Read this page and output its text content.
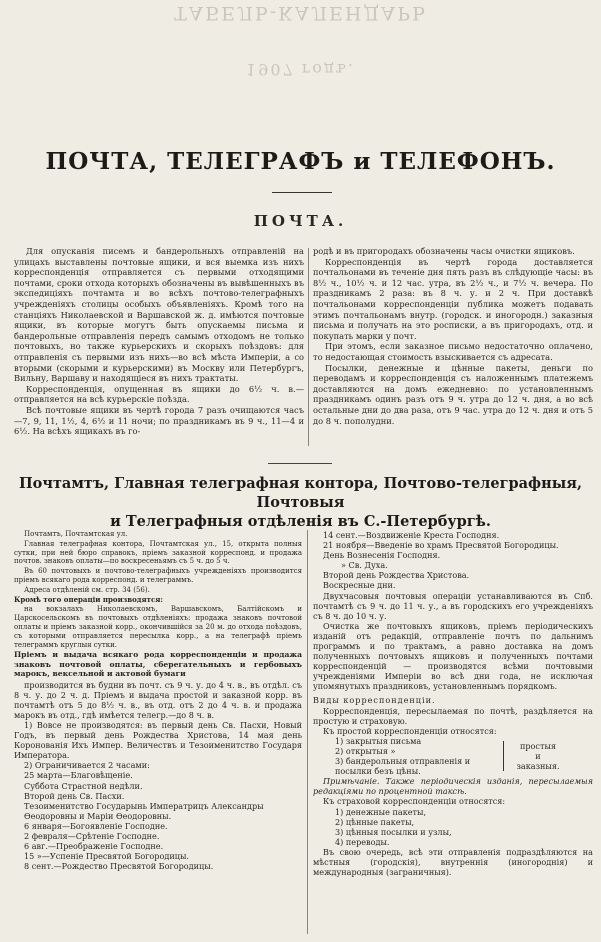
ТАБЕЛЬ-КАЛЕНДАРЬ
1907 годъ.
ПОЧТА, ТЕЛЕГРАФЪ и ТЕЛЕФОНЪ.
ПОЧТА.

Для опусканія писемъ и бандерольныхъ отправленій на улицахъ выставлены почтовые ящики, и вся выемка изъ нихъ корреспонденція отправляется съ первыми отходящими почтами, сроки отхода которыхъ обозначены въ вывѣшенныхъ въ экспедиціяхъ почтамта и во всѣхъ почтово-телеграфныхъ учрежденіяхъ столицы особыхъ объявленіяхъ. Кромѣ того на станціяхъ Николаевской и Варшавской ж. д. имѣются почтовые ящики, въ которые могутъ быть опускаемы письма и бандерольные отправленія передъ самымъ отходомъ не только почтовыхъ, но также курьерскихъ и скорыхъ поѣздовъ: для отправленія съ первыми изъ нихъ—во всѣ мѣста Имперіи, а со вторыми (скорыми и курьерскими) въ Москву или Петербургъ, Вильну, Варшаву и находящіеся въ нихъ трактаты.

Корреспонденція, опущенная въ ящики до 6½ ч. в.—отправляется на всѣ курьерскіе поѣзда.

Всѣ почтовые ящики въ чертѣ города 7 разъ очищаются часъ—7, 9, 11, 1½, 4, 6½ и 11 ночи; по праздникамъ въ 9 ч., 11—4 и 6½. На всѣхъ ящикахъ въ го-

родѣ и въ пригородахъ обозначены часы очистки ящиковъ.

Корреспонденція въ чертѣ города доставляется почтальонами въ теченіе дня пять разъ въ слѣдующіе часы: въ 8½ ч., 10½ ч. и 12 час. утра, въ 2½ ч., и 7½ ч. вечера. По праздникамъ 2 раза: въ 8 ч. у. и 2 ч. При доставкѣ почтальонами корреспонденціи публика можетъ подавать этимъ почтальонамъ внутр. (городск. и иногородн.) заказныя письма и получать на это росписки, а въ пригородахъ, отд. и покупать марки у почт.

При этомъ, если заказное письмо недостаточно оплачено, то недостающая стоимость взыскивается съ адресата.

Посылки, денежные и цѣнные пакеты, деньги по переводамъ и корреспонденція съ наложеннымъ платежемъ доставляются на домъ ежедневно: по установленнымъ праздникамъ одинъ разъ отъ 9 ч. утра до 12 ч. дня, а во всѣ остальные дни до два раза, отъ 9 час. утра до 12 ч. дня и отъ 5 до 8 ч. пополудни.

Почтамтъ, Главная телеграфная контора, Почтово-телеграфныя, Почтовыя
и Телеграфныя отдѣленія въ С.-Петербургѣ.

Почтамтъ, Почтамтская ул.

Главная телеграфная контора, Почтамтская ул., 15, открыта полныя сутки, при ней бюро справокъ, пріемъ заказной корреспонд. и продажа почтов. знаковъ оплаты—по воскресеньямъ съ 5 ч. до 5 ч.

Въ 60 почтовыхъ и почтово-телеграфныхъ учрежденіяхъ производится пріемъ всякаго рода корреспонд. и телеграммъ.

Адреса отдѣленій см. стр. 34 (56).

Кромѣ того операціи производятся:

на вокзалахъ Николаевскомъ, Варшавскомъ, Балтійскомъ и Царскосельскомъ въ почтовыхъ отдѣленіяхъ: продажа знаковъ почтовой оплаты и пріемъ заказной корр., окончившійся за 20 м. до отхода поѣздовъ, съ которыми отправляется пересылка корр., а на телеграфѣ пріемъ телеграммъ круглыя сутки.

Пріемъ и выдача всякаго рода корреспонденціи и продажа знаковъ почтовой оплаты, сберегательныхъ и гербовыхъ марокъ, вексельной и актовой бумаги

производится въ будни въ почт. съ 9 ч. у. до 4 ч. в., въ отдѣл. съ 8 ч. у. до 2 ч. д. Пріемъ и выдача простой и заказной корр. въ почтамтѣ отъ 5 до 8½ ч. в., въ отд. отъ 2 до 4 ч. в. и продажа марокъ въ отд., гдѣ имѣется телегр.—до 8 ч. в.

1) Вовсе не производятся: въ первый день Св. Пасхи, Новый Годъ, въ первый день Рождества Христова, 14 мая день Коронованія Ихъ Импер. Величествъ и Тезоименитство Государя Императора.

2) Ограничивается 2 часами:

25 марта—Благовѣщеніе.
Суббота Страстной недѣли.
Второй день Св. Пасхи.
Тезоименитство Государынь Императрицъ Александры Ѳеодоровны и Маріи Ѳеодоровны.
6 января—Богоявленіе Господне.
2 февраля—Срѣтеніе Господне.
6 авг.—Преображеніе Господне.
15 »—Успеніе Пресвятой Богородицы.
8 сент.—Рождество Пресвятой Богородицы.
14 сент.—Воздвиженіе Креста Господня.
21 ноября—Введеніе во храмъ Пресвятой Богородицы.
День Вознесенія Господня.
» Св. Духа.
Второй день Рождества Христова.
Воскресные дни.

Двухчасовыя почтовыя операціи устанавливаются въ Спб. почтамтѣ съ 9 ч. до 11 ч. у., а въ городскихъ его учрежденіяхъ съ 8 ч. до 10 ч. у.

Очистка же почтовыхъ ящиковъ, пріемъ періодическихъ изданій отъ редакцій, отправленіе почтъ по дальнимъ программъ и по трактамъ, а равно доставка на домъ полученныхъ почтовыхъ ящиковъ и полученныхъ почтами корреспонденцій — производятся всѣми почтовыми учрежденіями Имперіи во всѣ дни года, не исключая упомянутыхъ праздниковъ, установленнымъ порядкомъ.

Виды корреспонденціи.

Корреспонденція, пересылаемая по почтѣ, раздѣляется на простую и страховую.

Къ простой корреспонденціи относятся:

1) закрытыя письма
2) открытыя »
3) бандерольныя отправленія и посылки безъ цѣны.
простыя
и
заказныя.

Примѣчаніе. Также періодическія изданія, пересылаемыя редакціями по процентной таксѣ.

Къ страховой корреспонденціи относятся:

1) денежные пакеты,
2) цѣнные пакеты,
3) цѣнныя посылки и узлы,
4) переводы.

Въ свою очередь, всѣ эти отправленія подраздѣляются на мѣстныя (городскія), внутреннія (иногороднія) и международныя (заграничныя).
